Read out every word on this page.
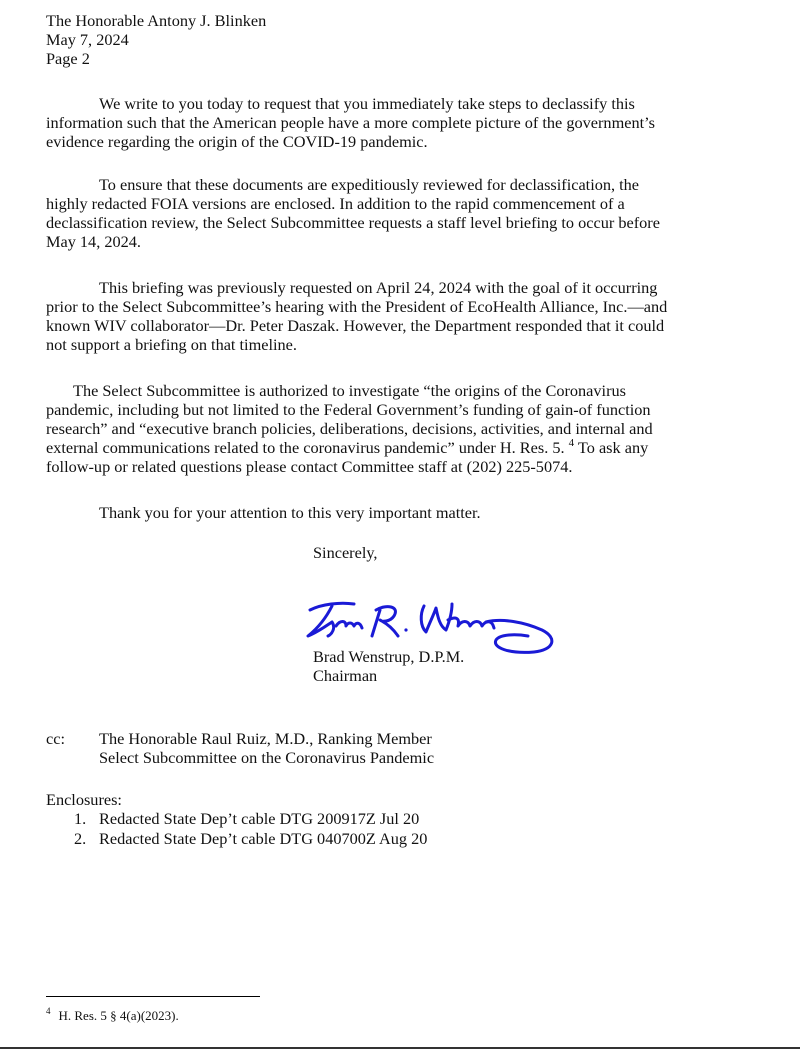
The Honorable Antony J. Blinken
May 7, 2024
Page 2
We write to you today to request that you immediately take steps to declassify this
information such that the American people have a more complete picture of the government’s
evidence regarding the origin of the COVID-19 pandemic.
To ensure that these documents are expeditiously reviewed for declassification, the
highly redacted FOIA versions are enclosed. In addition to the rapid commencement of a
declassification review, the Select Subcommittee requests a staff level briefing to occur before
May 14, 2024.
This briefing was previously requested on April 24, 2024 with the goal of it occurring
prior to the Select Subcommittee’s hearing with the President of EcoHealth Alliance, Inc.—and
known WIV collaborator—Dr. Peter Daszak. However, the Department responded that it could
not support a briefing on that timeline.
The Select Subcommittee is authorized to investigate “the origins of the Coronavirus
pandemic, including but not limited to the Federal Government’s funding of gain-of function
research” and “executive branch policies, deliberations, decisions, activities, and internal and
external communications related to the coronavirus pandemic” under H. Res. 5. $^4$ To ask any
follow-up or related questions please contact Committee staff at (202) 225-5074.
Thank you for your attention to this very important matter.
Sincerely,
Brad Wenstrup, D.P.M.
Chairman
cc: The Honorable Raul Ruiz, M.D., Ranking Member
Select Subcommittee on the Coronavirus Pandemic
Enclosures:
1. Redacted State Dep’t cable DTG 200917Z Jul 20
2. Redacted State Dep’t cable DTG 040700Z Aug 20
$^4$ H. Res. 5 § 4(a)(2023).
